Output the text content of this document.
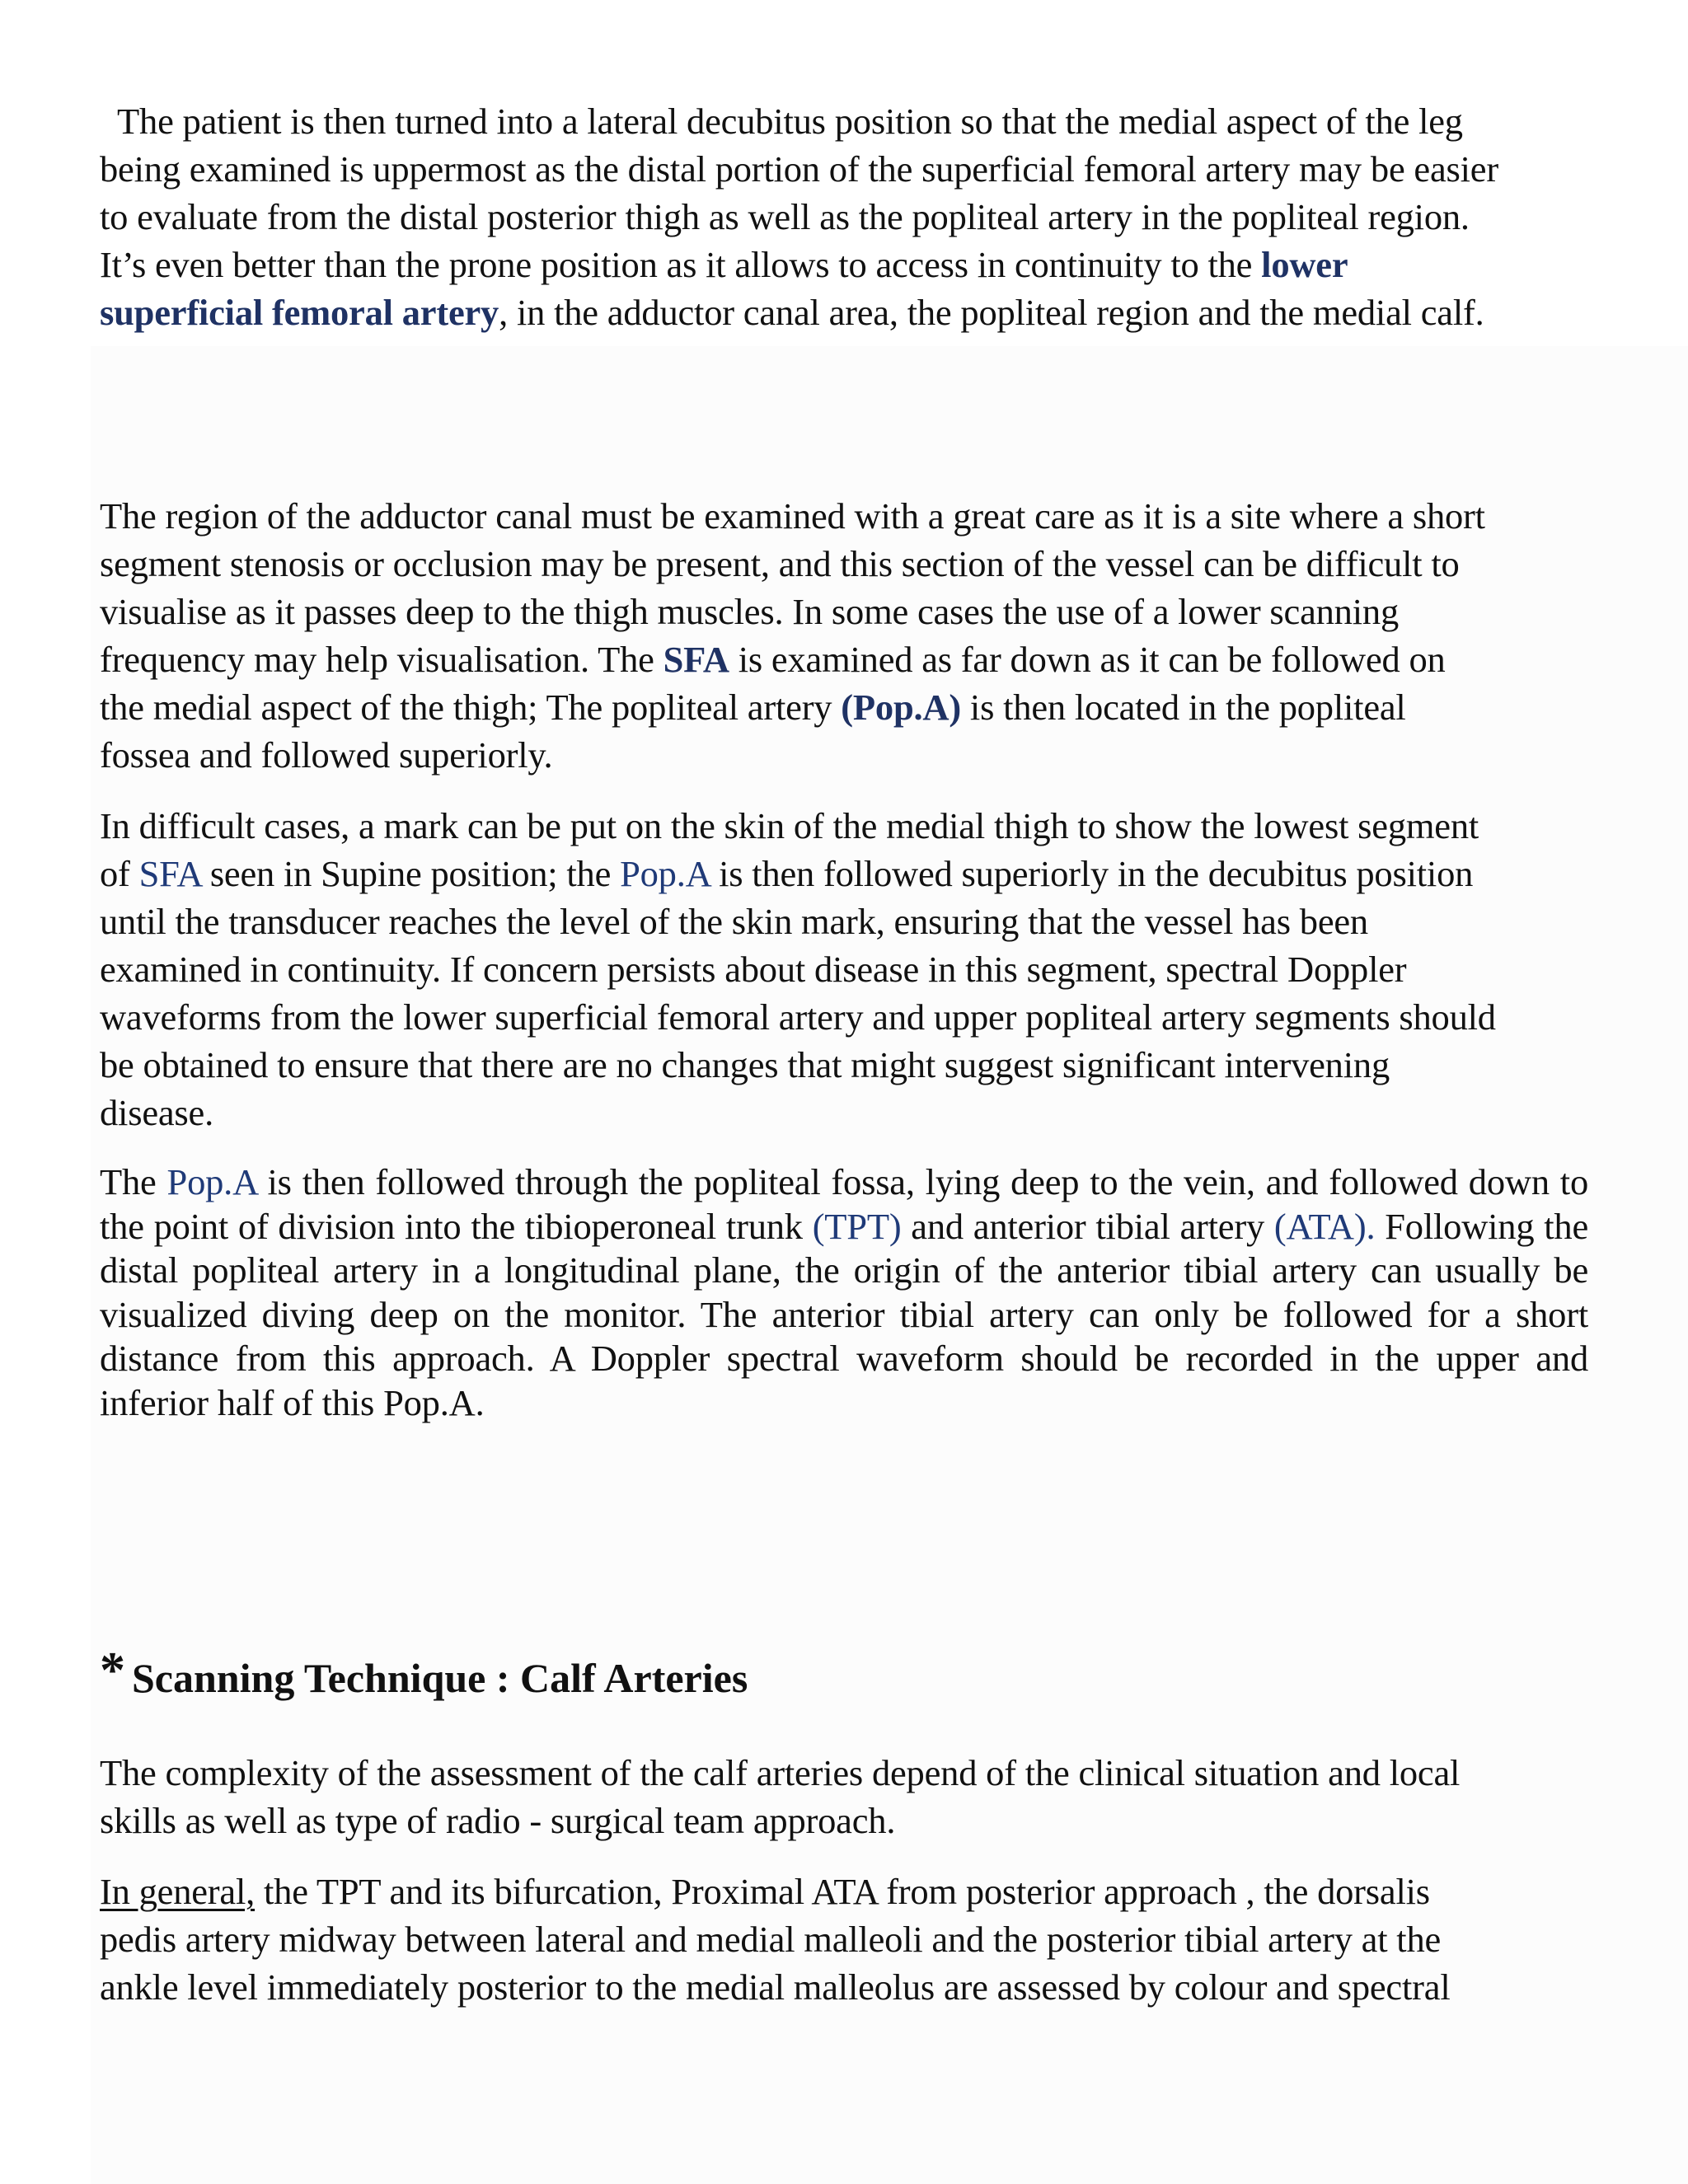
The patient is then turned into a lateral decubitus position so that the medial aspect of the leg
being examined is uppermost as the distal portion of the superficial femoral artery may be easier
to evaluate from the distal posterior thigh as well as the popliteal artery in the popliteal region.
It’s even better than the prone position as it allows to access in continuity to the lower
superficial femoral artery, in the adductor canal area, the popliteal region and the medial calf.

The region of the adductor canal must be examined with a great care as it is a site where a short
segment stenosis or occlusion may be present, and this section of the vessel can be difficult to
visualise as it passes deep to the thigh muscles. In some cases the use of a lower scanning
frequency may help visualisation. The SFA is examined as far down as it can be followed on
the medial aspect of the thigh; The popliteal artery (Pop.A) is then located in the popliteal
fossea and followed superiorly.

In difficult cases, a mark can be put on the skin of the medial thigh to show the lowest segment
of SFA seen in Supine position; the Pop.A is then followed superiorly in the decubitus position
until the transducer reaches the level of the skin mark, ensuring that the vessel has been
examined in continuity. If concern persists about disease in this segment, spectral Doppler
waveforms from the lower superficial femoral artery and upper popliteal artery segments should
be obtained to ensure that there are no changes that might suggest significant intervening
disease.

The Pop.A is then followed through the popliteal fossa, lying deep to the vein, and followed down to the point of division into the tibioperoneal trunk (TPT) and anterior tibial artery (ATA). Following the distal popliteal artery in a longitudinal plane, the origin of the anterior tibial artery can usually be visualized diving deep on the monitor. The anterior tibial artery can only be followed for a short distance from this approach. A Doppler spectral waveform should be recorded in the upper and inferior half of this Pop.A.

* Scanning Technique : Calf Arteries

The complexity of the assessment of the calf arteries depend of the clinical situation and local
skills as well as type of radio - surgical team approach.

In general, the TPT and its bifurcation, Proximal ATA from posterior approach , the dorsalis
pedis artery midway between lateral and medial malleoli and the posterior tibial artery at the
ankle level immediately posterior to the medial malleolus are assessed by colour and spectral
